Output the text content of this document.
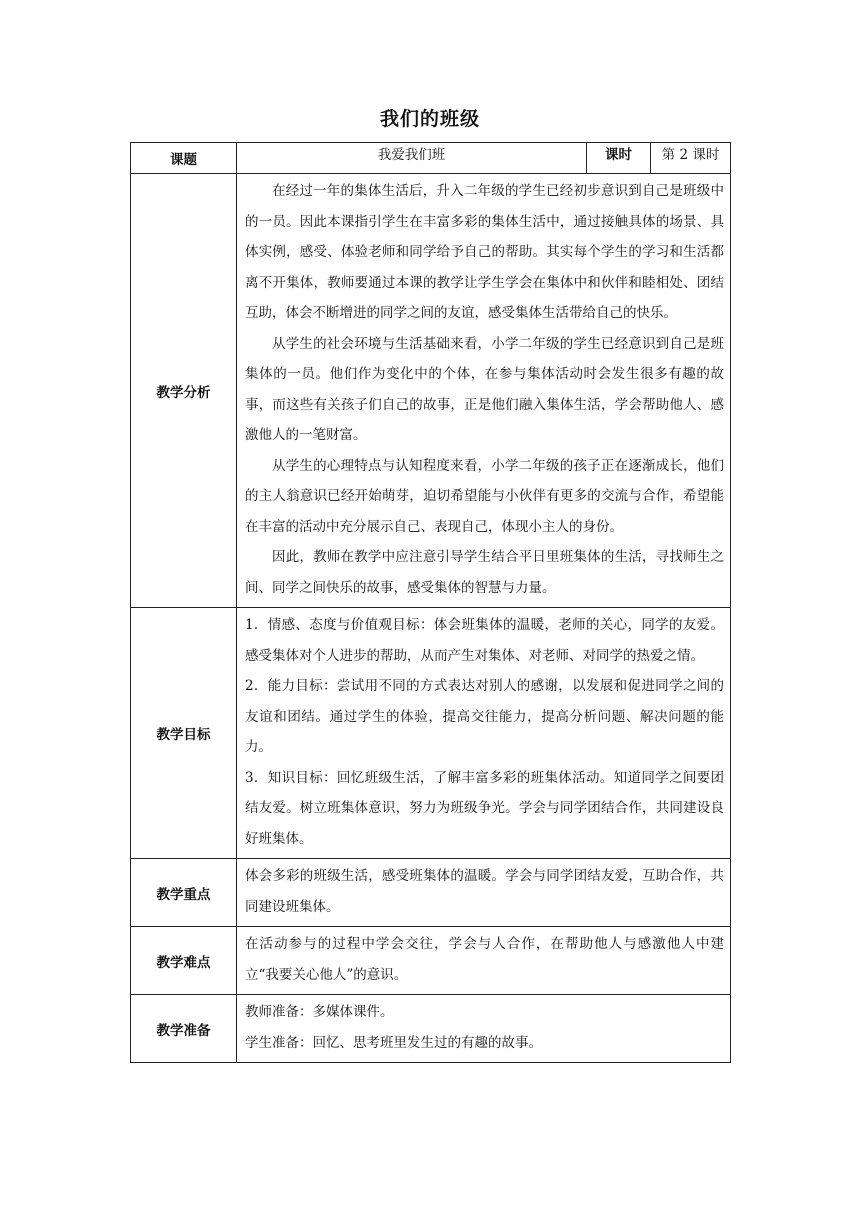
我们的班级
课题	我爱我们班	课时	第 2 课时
教学分析	在经过一年的集体生活后，升入二年级的学生已经初步意识到自己是班级中的一员。因此本课指引学生在丰富多彩的集体生活中，通过接触具体的场景、具体实例，感受、体验老师和同学给予自己的帮助。其实每个学生的学习和生活都离不开集体，教师要通过本课的教学让学生学会在集体中和伙伴和睦相处、团结互助，体会不断增进的同学之间的友谊，感受集体生活带给自己的快乐。

从学生的社会环境与生活基础来看，小学二年级的学生已经意识到自己是班集体的一员。他们作为变化中的个体，在参与集体活动时会发生很多有趣的故事，而这些有关孩子们自己的故事，正是他们融入集体生活，学会帮助他人、感激他人的一笔财富。

从学生的心理特点与认知程度来看，小学二年级的孩子正在逐渐成长，他们的主人翁意识已经开始萌芽，迫切希望能与小伙伴有更多的交流与合作，希望能在丰富的活动中充分展示自己、表现自己，体现小主人的身份。

因此，教师在教学中应注意引导学生结合平日里班集体的生活，寻找师生之间、同学之间快乐的故事，感受集体的智慧与力量。		

教学目标	1．情感、态度与价值观目标：体会班集体的温暖，老师的关心，同学的友爱。感受集体对个人进步的帮助，从而产生对集体、对老师、对同学的热爱之情。

2．能力目标：尝试用不同的方式表达对别人的感谢，以发展和促进同学之间的友谊和团结。通过学生的体验，提高交往能力，提高分析问题、解决问题的能力。

3．知识目标：回忆班级生活，了解丰富多彩的班集体活动。知道同学之间要团结友爱。树立班集体意识，努力为班级争光。学会与同学团结合作，共同建设良好班集体。		

教学重点	体会多彩的班级生活，感受班集体的温暖。学会与同学团结友爱，互助合作，共同建设班集体。		

教学难点	在活动参与的过程中学会交往，学会与人合作，在帮助他人与感激他人中建立“我要关心他人”的意识。		

教学准备	教师准备：多媒体课件。

学生准备：回忆、思考班里发生过的有趣的故事。		
